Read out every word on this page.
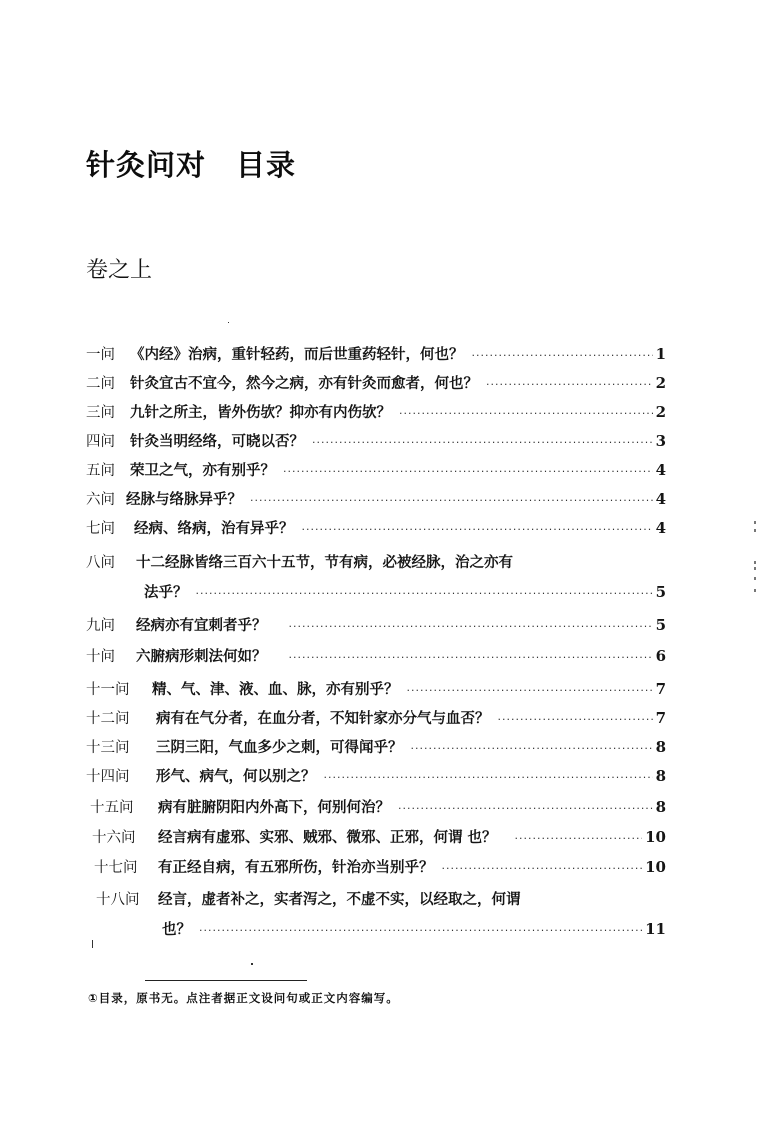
针灸问对　目录
卷之上
一问	《内经》治病，重针轻药，而后世重药轻针，何也？ ·····	1
二问	针灸宜古不宜今，然今之病，亦有针灸而愈者，何也？ ·····	2
三问	九针之所主，皆外伤欤？抑亦有内伤欤？ ·····	2
四问	针灸当明经络，可晓以否？ ·····	3
五问	荣卫之气，亦有别乎？ ·····	4
六问 经脉与络脉异乎？ ·····	4
七问	经病、络病，治有异乎？ ·····	4
八问	十二经脉皆络三百六十五节，节有病，必被经脉，治之亦有
法乎？ ·····	5
九问	经病亦有宜刺者乎？ ·····	5
十问	六腑病形刺法何如？ ·····	6
十一问	精、气、津、液、血、脉，亦有别乎？ ·····	7
十二问	病有在气分者，在血分者，不知针家亦分气与血否？ ·····	7
十三问	三阴三阳，气血多少之刺，可得闻乎？ ·····	8
十四问	形气、病气，何以别之？ ·····	8
十五问	病有脏腑阴阳内外高下，何别何治？ ·····	8
十六问	经言病有虚邪、实邪、贼邪、微邪、正邪，何谓 也？ ·····	10
十七问	有正经自病，有五邪所伤，针治亦当别乎？ ·····	10
十八问	经言，虚者补之，实者泻之，不虚不实，以经取之，何谓
也？ ·····	11
①目录，原书无。点注者据正文设问句或正文内容编写。
